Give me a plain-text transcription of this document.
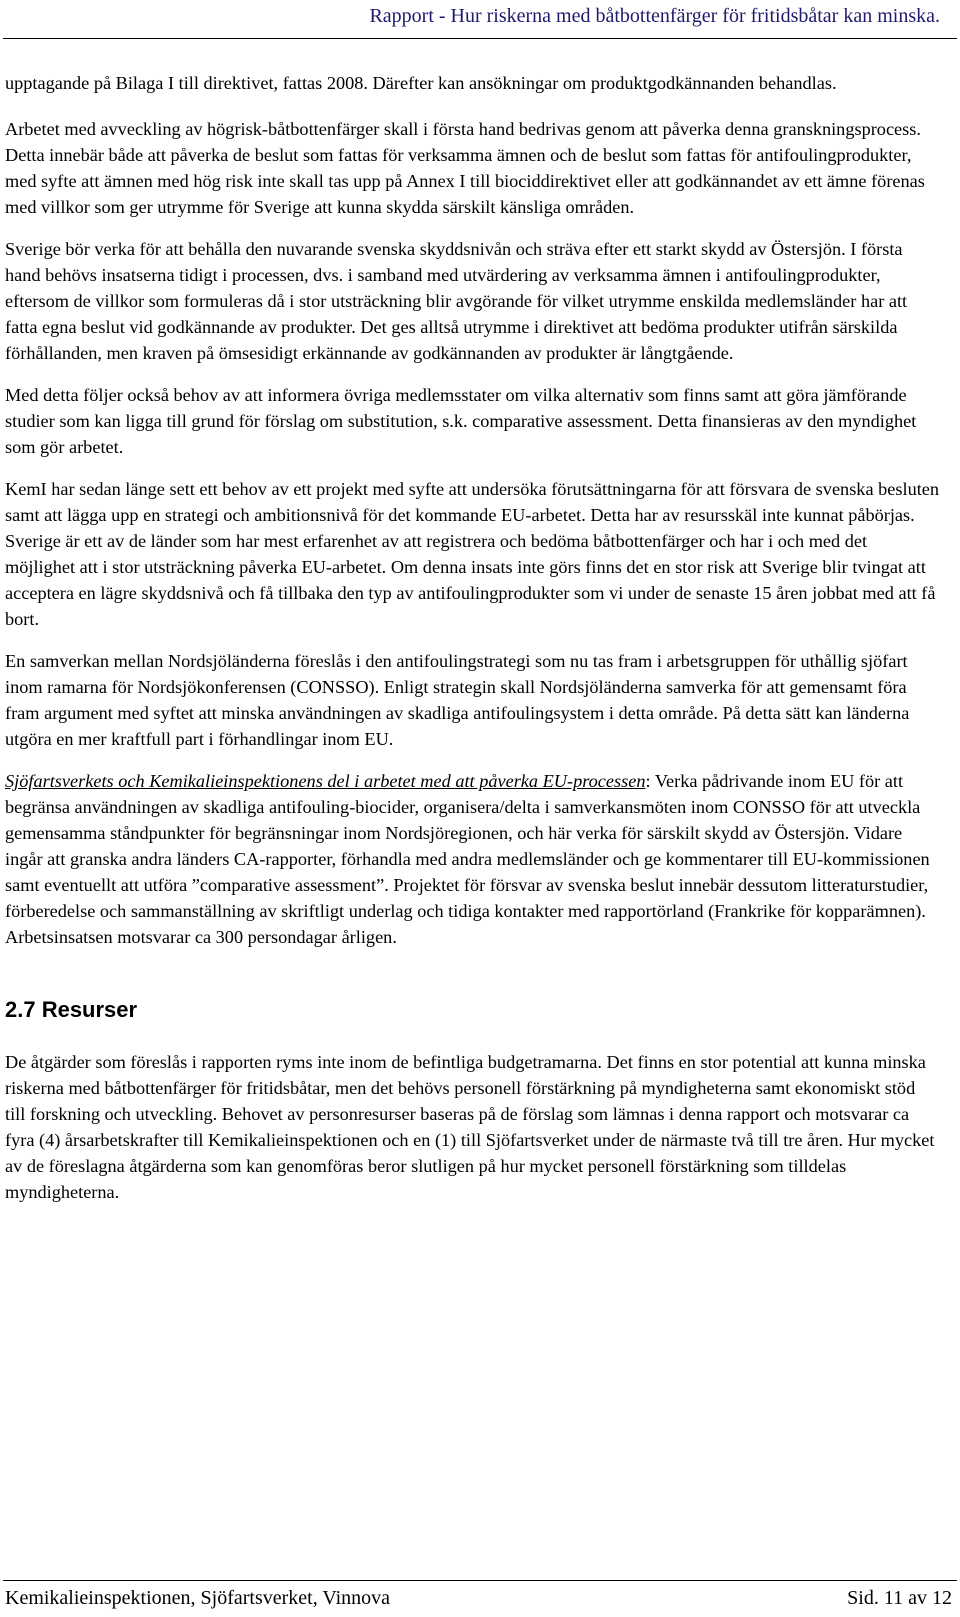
Rapport - Hur riskerna med båtbottenfärger för fritidsbåtar kan minska.

upptagande på Bilaga I till direktivet, fattas 2008. Därefter kan ansökningar om produktgodkännanden behandlas.

Arbetet med avveckling av högrisk-båtbottenfärger skall i första hand bedrivas genom att påverka denna granskningsprocess. Detta innebär både att påverka de beslut som fattas för verksamma ämnen och de beslut som fattas för antifoulingprodukter, med syfte att ämnen med hög risk inte skall tas upp på Annex I till biociddirektivet eller att godkännandet av ett ämne förenas med villkor som ger utrymme för Sverige att kunna skydda särskilt känsliga områden.

Sverige bör verka för att behålla den nuvarande svenska skyddsnivån och sträva efter ett starkt skydd av Östersjön. I första hand behövs insatserna tidigt i processen, dvs. i samband med utvärdering av verksamma ämnen i antifoulingprodukter, eftersom de villkor som formuleras då i stor utsträckning blir avgörande för vilket utrymme enskilda medlemsländer har att fatta egna beslut vid godkännande av produkter. Det ges alltså utrymme i direktivet att bedöma produkter utifrån särskilda förhållanden, men kraven på ömsesidigt erkännande av godkännanden av produkter är långtgående.

Med detta följer också behov av att informera övriga medlemsstater om vilka alternativ som finns samt att göra jämförande studier som kan ligga till grund för förslag om substitution, s.k. comparative assessment. Detta finansieras av den myndighet som gör arbetet.

KemI har sedan länge sett ett behov av ett projekt med syfte att undersöka förutsättningarna för att försvara de svenska besluten samt att lägga upp en strategi och ambitionsnivå för det kommande EU-arbetet. Detta har av resursskäl inte kunnat påbörjas. Sverige är ett av de länder som har mest erfarenhet av att registrera och bedöma båtbottenfärger och har i och med det möjlighet att i stor utsträckning påverka EU-arbetet. Om denna insats inte görs finns det en stor risk att Sverige blir tvingat att acceptera en lägre skyddsnivå och få tillbaka den typ av antifoulingprodukter som vi under de senaste 15 åren jobbat med att få bort.

En samverkan mellan Nordsjöländerna föreslås i den antifoulingstrategi som nu tas fram i arbetsgruppen för uthållig sjöfart inom ramarna för Nordsjökonferensen (CONSSO). Enligt strategin skall Nordsjöländerna samverka för att gemensamt föra fram argument med syftet att minska användningen av skadliga antifoulingsystem i detta område. På detta sätt kan länderna utgöra en mer kraftfull part i förhandlingar inom EU.

Sjöfartsverkets och Kemikalieinspektionens del i arbetet med att påverka EU-processen: Verka pådrivande inom EU för att begränsa användningen av skadliga antifouling-biocider, organisera/delta i samverkansmöten inom CONSSO för att utveckla gemensamma ståndpunkter för begränsningar inom Nordsjöregionen, och här verka för särskilt skydd av Östersjön. Vidare ingår att granska andra länders CA-rapporter, förhandla med andra medlemsländer och ge kommentarer till EU-kommissionen samt eventuellt att utföra ”comparative assessment”. Projektet för försvar av svenska beslut innebär dessutom litteraturstudier, förberedelse och sammanställning av skriftligt underlag och tidiga kontakter med rapportörland (Frankrike för kopparämnen). Arbetsinsatsen motsvarar ca 300 persondagar årligen.

2.7 Resurser

De åtgärder som föreslås i rapporten ryms inte inom de befintliga budgetramarna. Det finns en stor potential att kunna minska riskerna med båtbottenfärger för fritidsbåtar, men det behövs personell förstärkning på myndigheterna samt ekonomiskt stöd till forskning och utveckling. Behovet av personresurser baseras på de förslag som lämnas i denna rapport och motsvarar ca fyra (4) årsarbetskrafter till Kemikalieinspektionen och en (1) till Sjöfartsverket under de närmaste två till tre åren. Hur mycket av de föreslagna åtgärderna som kan genomföras beror slutligen på hur mycket personell förstärkning som tilldelas myndigheterna.

Kemikalieinspektionen, Sjöfartsverket, Vinnova	Sid. 11 av 12
